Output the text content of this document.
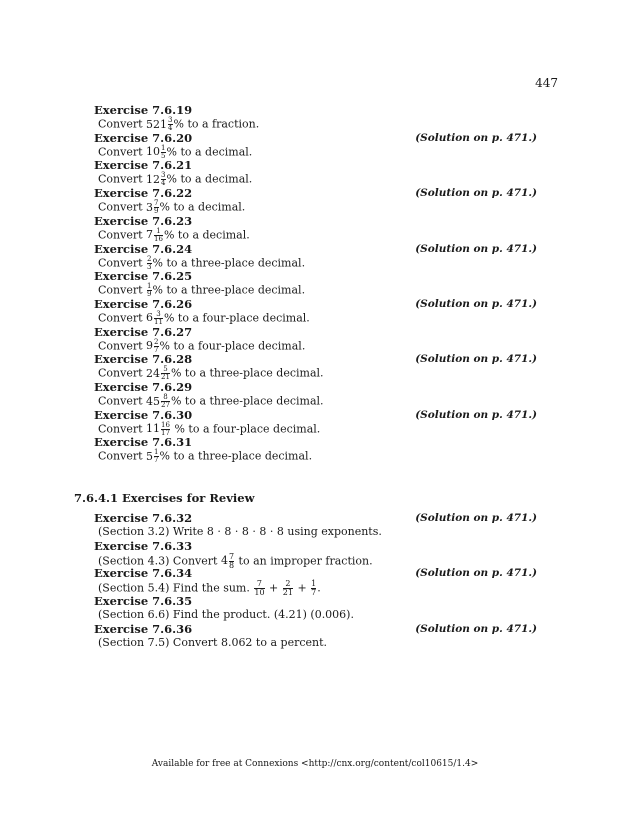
447
Exercise 7.6.19
Convert $521 \frac{3}{4}$ % to a fraction.
Exercise 7.6.20	(Solution on p. 471.)
Convert $10 \frac{1}{5}$ % to a decimal.
Exercise 7.6.21
Convert $12 \frac{3}{4}$ % to a decimal.
Exercise 7.6.22	(Solution on p. 471.)
Convert $3 \frac{7}{9}$ % to a decimal.
Exercise 7.6.23
Convert $7 \frac{1}{16}$ % to a decimal.
Exercise 7.6.24	(Solution on p. 471.)
Convert $\frac{2}{3}$ % to a three-place decimal.
Exercise 7.6.25
Convert $\frac{1}{9}$ % to a three-place decimal.
Exercise 7.6.26	(Solution on p. 471.)
Convert $6 \frac{3}{11}$ % to a four-place decimal.
Exercise 7.6.27
Convert $9 \frac{2}{7}$ % to a four-place decimal.
Exercise 7.6.28	(Solution on p. 471.)
Convert $24 \frac{5}{21}$ % to a three-place decimal.
Exercise 7.6.29
Convert $45 \frac{8}{27}$ % to a three-place decimal.
Exercise 7.6.30	(Solution on p. 471.)
Convert $11 \frac{16}{17}$ % to a four-place decimal.
Exercise 7.6.31
Convert $5 \frac{1}{7}$ % to a three-place decimal.
7.6.4.1 Exercises for Review
Exercise 7.6.32	(Solution on p. 471.)
(Section 3.2) Write 8 · 8 · 8 · 8 · 8 using exponents.
Exercise 7.6.33
(Section 4.3) Convert $4 \frac{7}{8}$ to an improper fraction.
Exercise 7.6.34	(Solution on p. 471.)
(Section 5.4) Find the sum. $\frac{7}{10} + \frac{2}{21} + \frac{1}{7}$ .
Exercise 7.6.35
(Section 6.6) Find the product. (4.21) (0.006).
Exercise 7.6.36	(Solution on p. 471.)
(Section 7.5) Convert 8.062 to a percent.
Available for free at Connexions <http://cnx.org/content/col10615/1.4>
